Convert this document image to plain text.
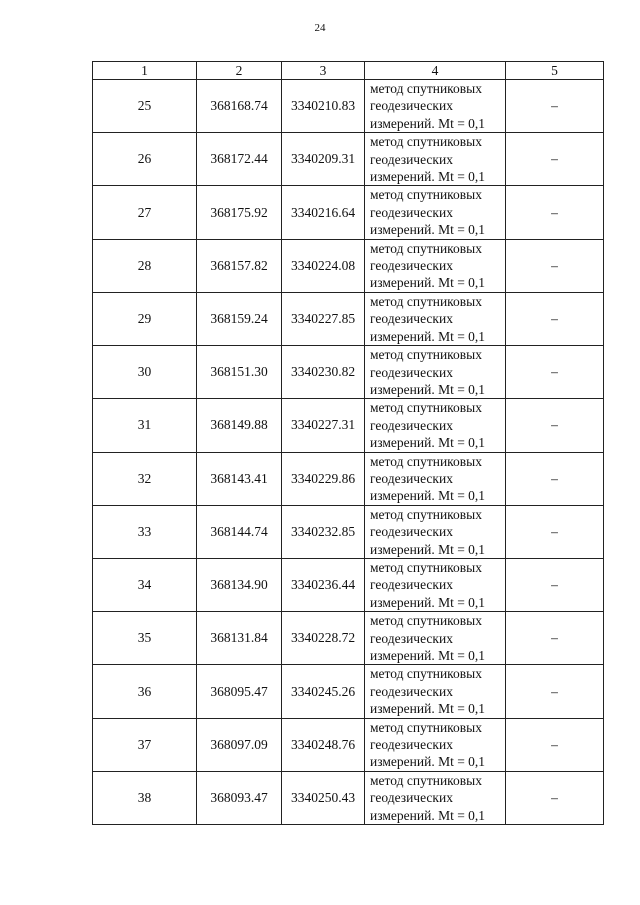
24
1	2	3	4	5
25	368168.74	3340210.83	метод спутниковых
геодезических
измерений. Mt = 0,1	–
26	368172.44	3340209.31	метод спутниковых
геодезических
измерений. Mt = 0,1	–
27	368175.92	3340216.64	метод спутниковых
геодезических
измерений. Mt = 0,1	–
28	368157.82	3340224.08	метод спутниковых
геодезических
измерений. Mt = 0,1	–
29	368159.24	3340227.85	метод спутниковых
геодезических
измерений. Mt = 0,1	–
30	368151.30	3340230.82	метод спутниковых
геодезических
измерений. Mt = 0,1	–
31	368149.88	3340227.31	метод спутниковых
геодезических
измерений. Mt = 0,1	–
32	368143.41	3340229.86	метод спутниковых
геодезических
измерений. Mt = 0,1	–
33	368144.74	3340232.85	метод спутниковых
геодезических
измерений. Mt = 0,1	–
34	368134.90	3340236.44	метод спутниковых
геодезических
измерений. Mt = 0,1	–
35	368131.84	3340228.72	метод спутниковых
геодезических
измерений. Mt = 0,1	–
36	368095.47	3340245.26	метод спутниковых
геодезических
измерений. Mt = 0,1	–
37	368097.09	3340248.76	метод спутниковых
геодезических
измерений. Mt = 0,1	–
38	368093.47	3340250.43	метод спутниковых
геодезических
измерений. Mt = 0,1	–
